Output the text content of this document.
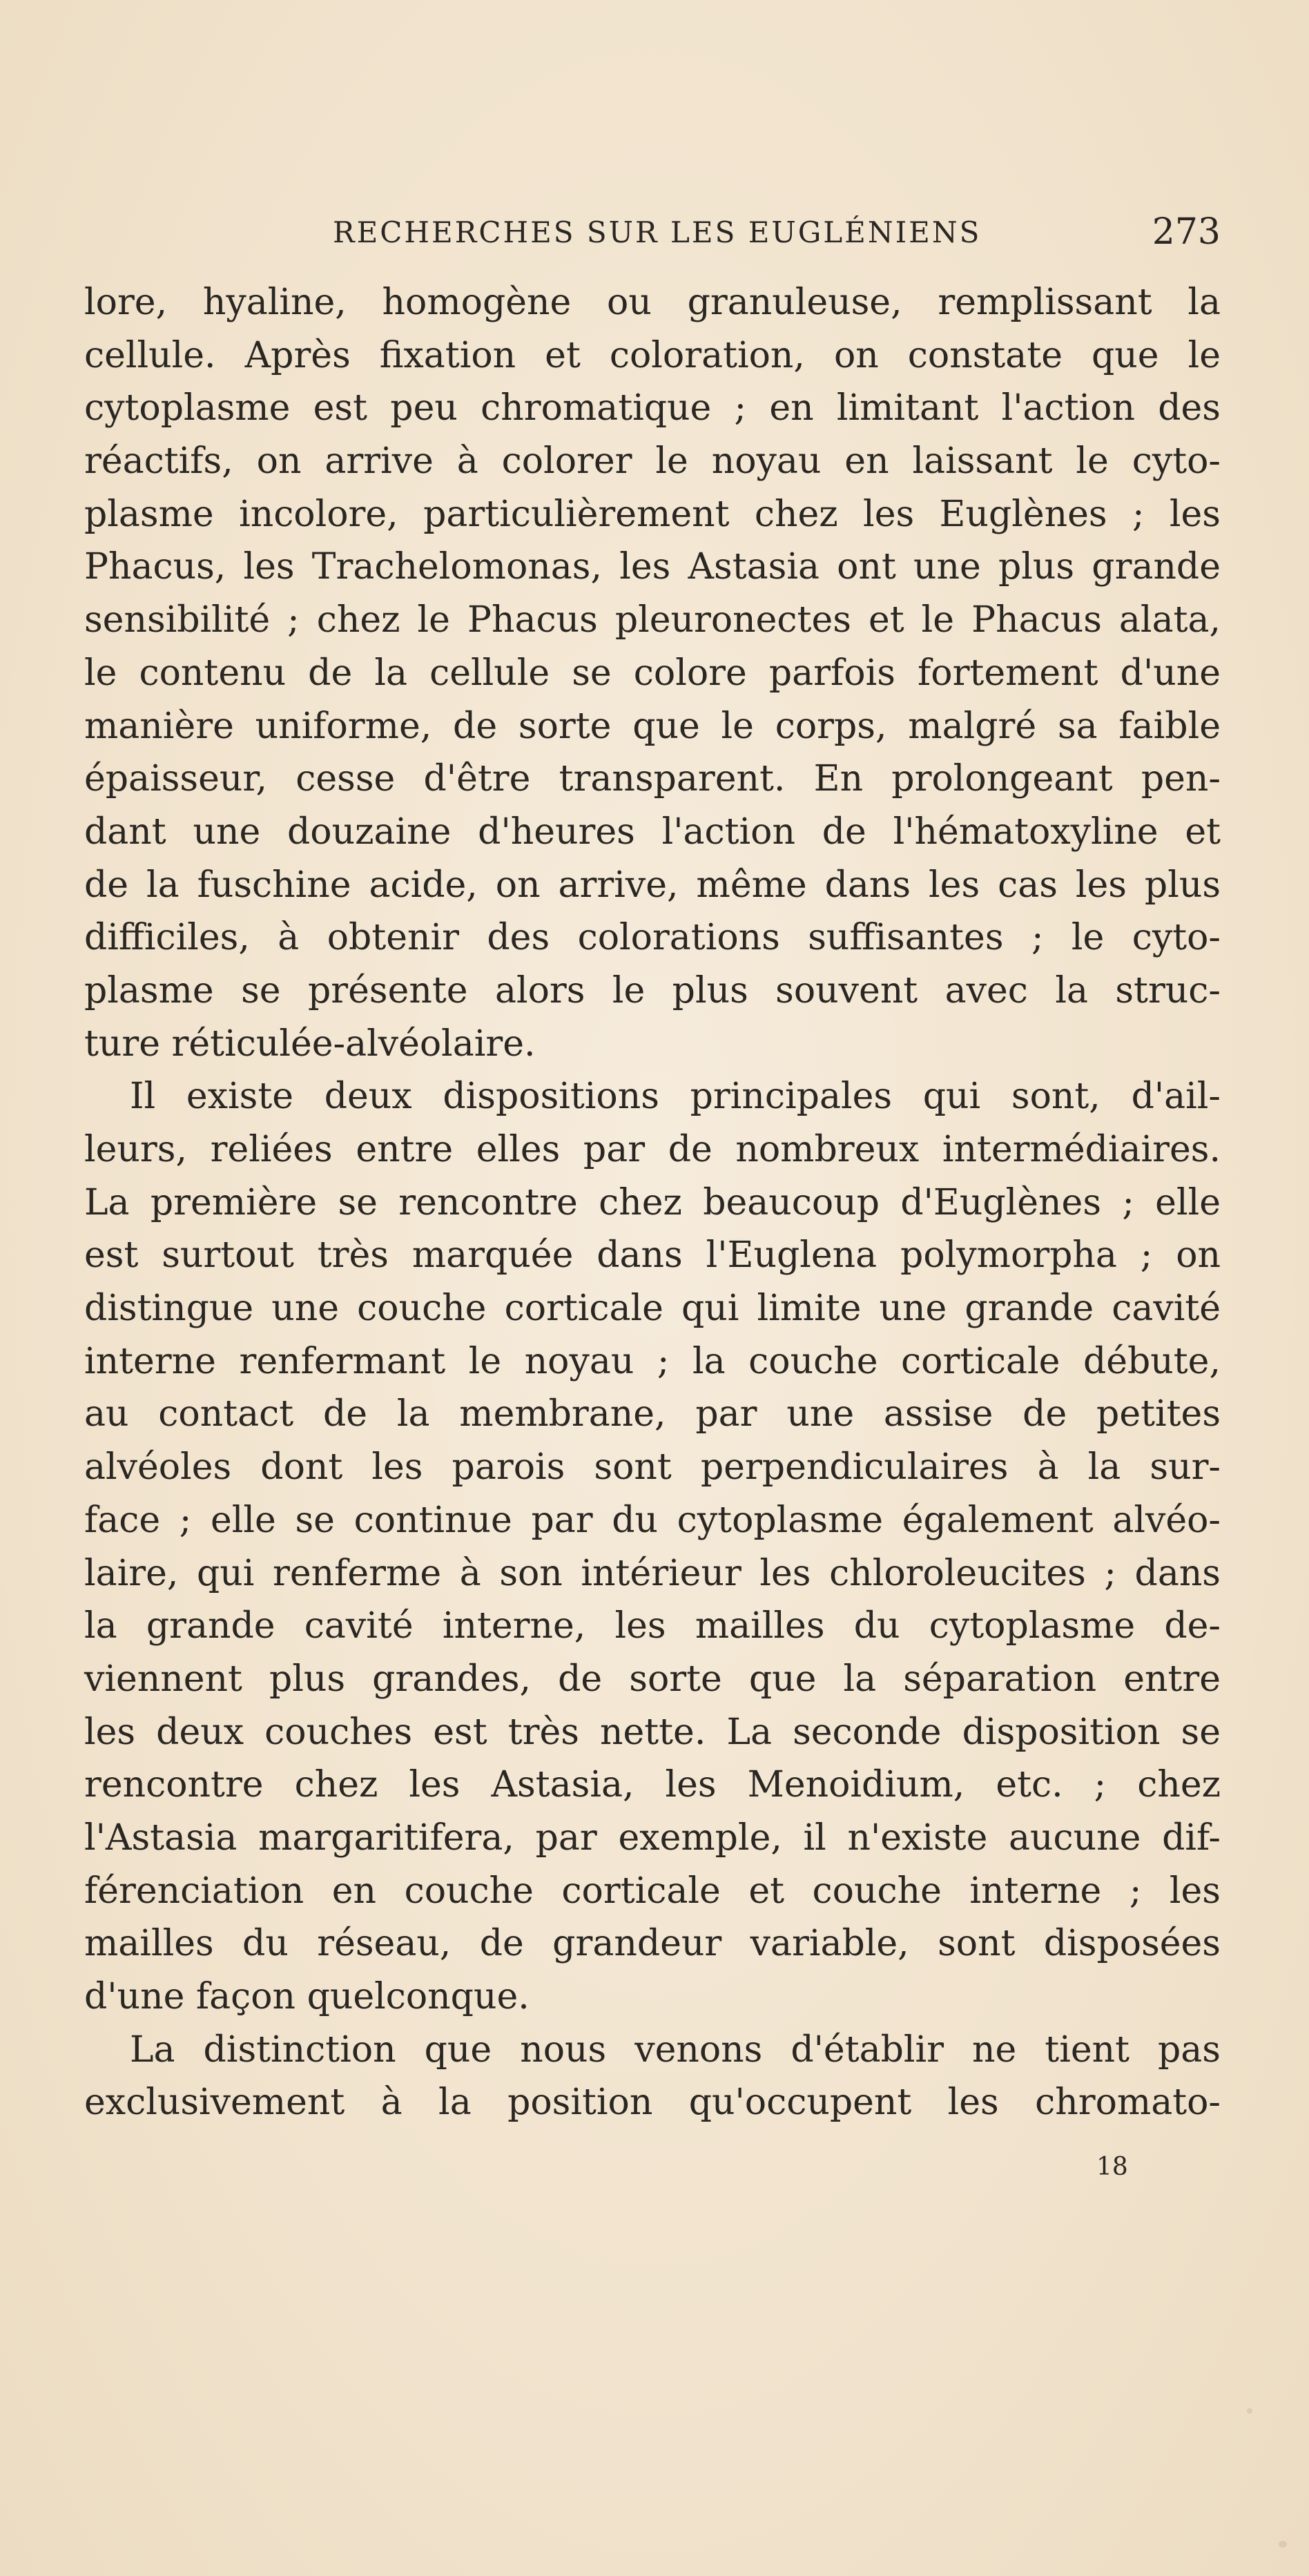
RECHERCHES SUR LES EUGLÉNIENS	273
lore, hyaline, homogène ou granuleuse, remplissant la
cellule. Après fixation et coloration, on constate que le
cytoplasme est peu chromatique ; en limitant l'action des
réactifs, on arrive à colorer le noyau en laissant le cyto-
plasme incolore, particulièrement chez les Euglènes ; les
Phacus, les Trachelomonas, les Astasia ont une plus grande
sensibilité ; chez le Phacus pleuronectes et le Phacus alata,
le contenu de la cellule se colore parfois fortement d'une
manière uniforme, de sorte que le corps, malgré sa faible
épaisseur, cesse d'être transparent. En prolongeant pen-
dant une douzaine d'heures l'action de l'hématoxyline et
de la fuschine acide, on arrive, même dans les cas les plus
difficiles, à obtenir des colorations suffisantes ; le cyto-
plasme se présente alors le plus souvent avec la struc-
ture réticulée-alvéolaire.
Il existe deux dispositions principales qui sont, d'ail-
leurs, reliées entre elles par de nombreux intermédiaires.
La première se rencontre chez beaucoup d'Euglènes ; elle
est surtout très marquée dans l'Euglena polymorpha ; on
distingue une couche corticale qui limite une grande cavité
interne renfermant le noyau ; la couche corticale débute,
au contact de la membrane, par une assise de petites
alvéoles dont les parois sont perpendiculaires à la sur-
face ; elle se continue par du cytoplasme également alvéo-
laire, qui renferme à son intérieur les chloroleucites ; dans
la grande cavité interne, les mailles du cytoplasme de-
viennent plus grandes, de sorte que la séparation entre
les deux couches est très nette. La seconde disposition se
rencontre chez les Astasia, les Menoidium, etc. ; chez
l'Astasia margaritifera, par exemple, il n'existe aucune dif-
férenciation en couche corticale et couche interne ; les
mailles du réseau, de grandeur variable, sont disposées
d'une façon quelconque.
La distinction que nous venons d'établir ne tient pas
exclusivement à la position qu'occupent les chromato-
18
